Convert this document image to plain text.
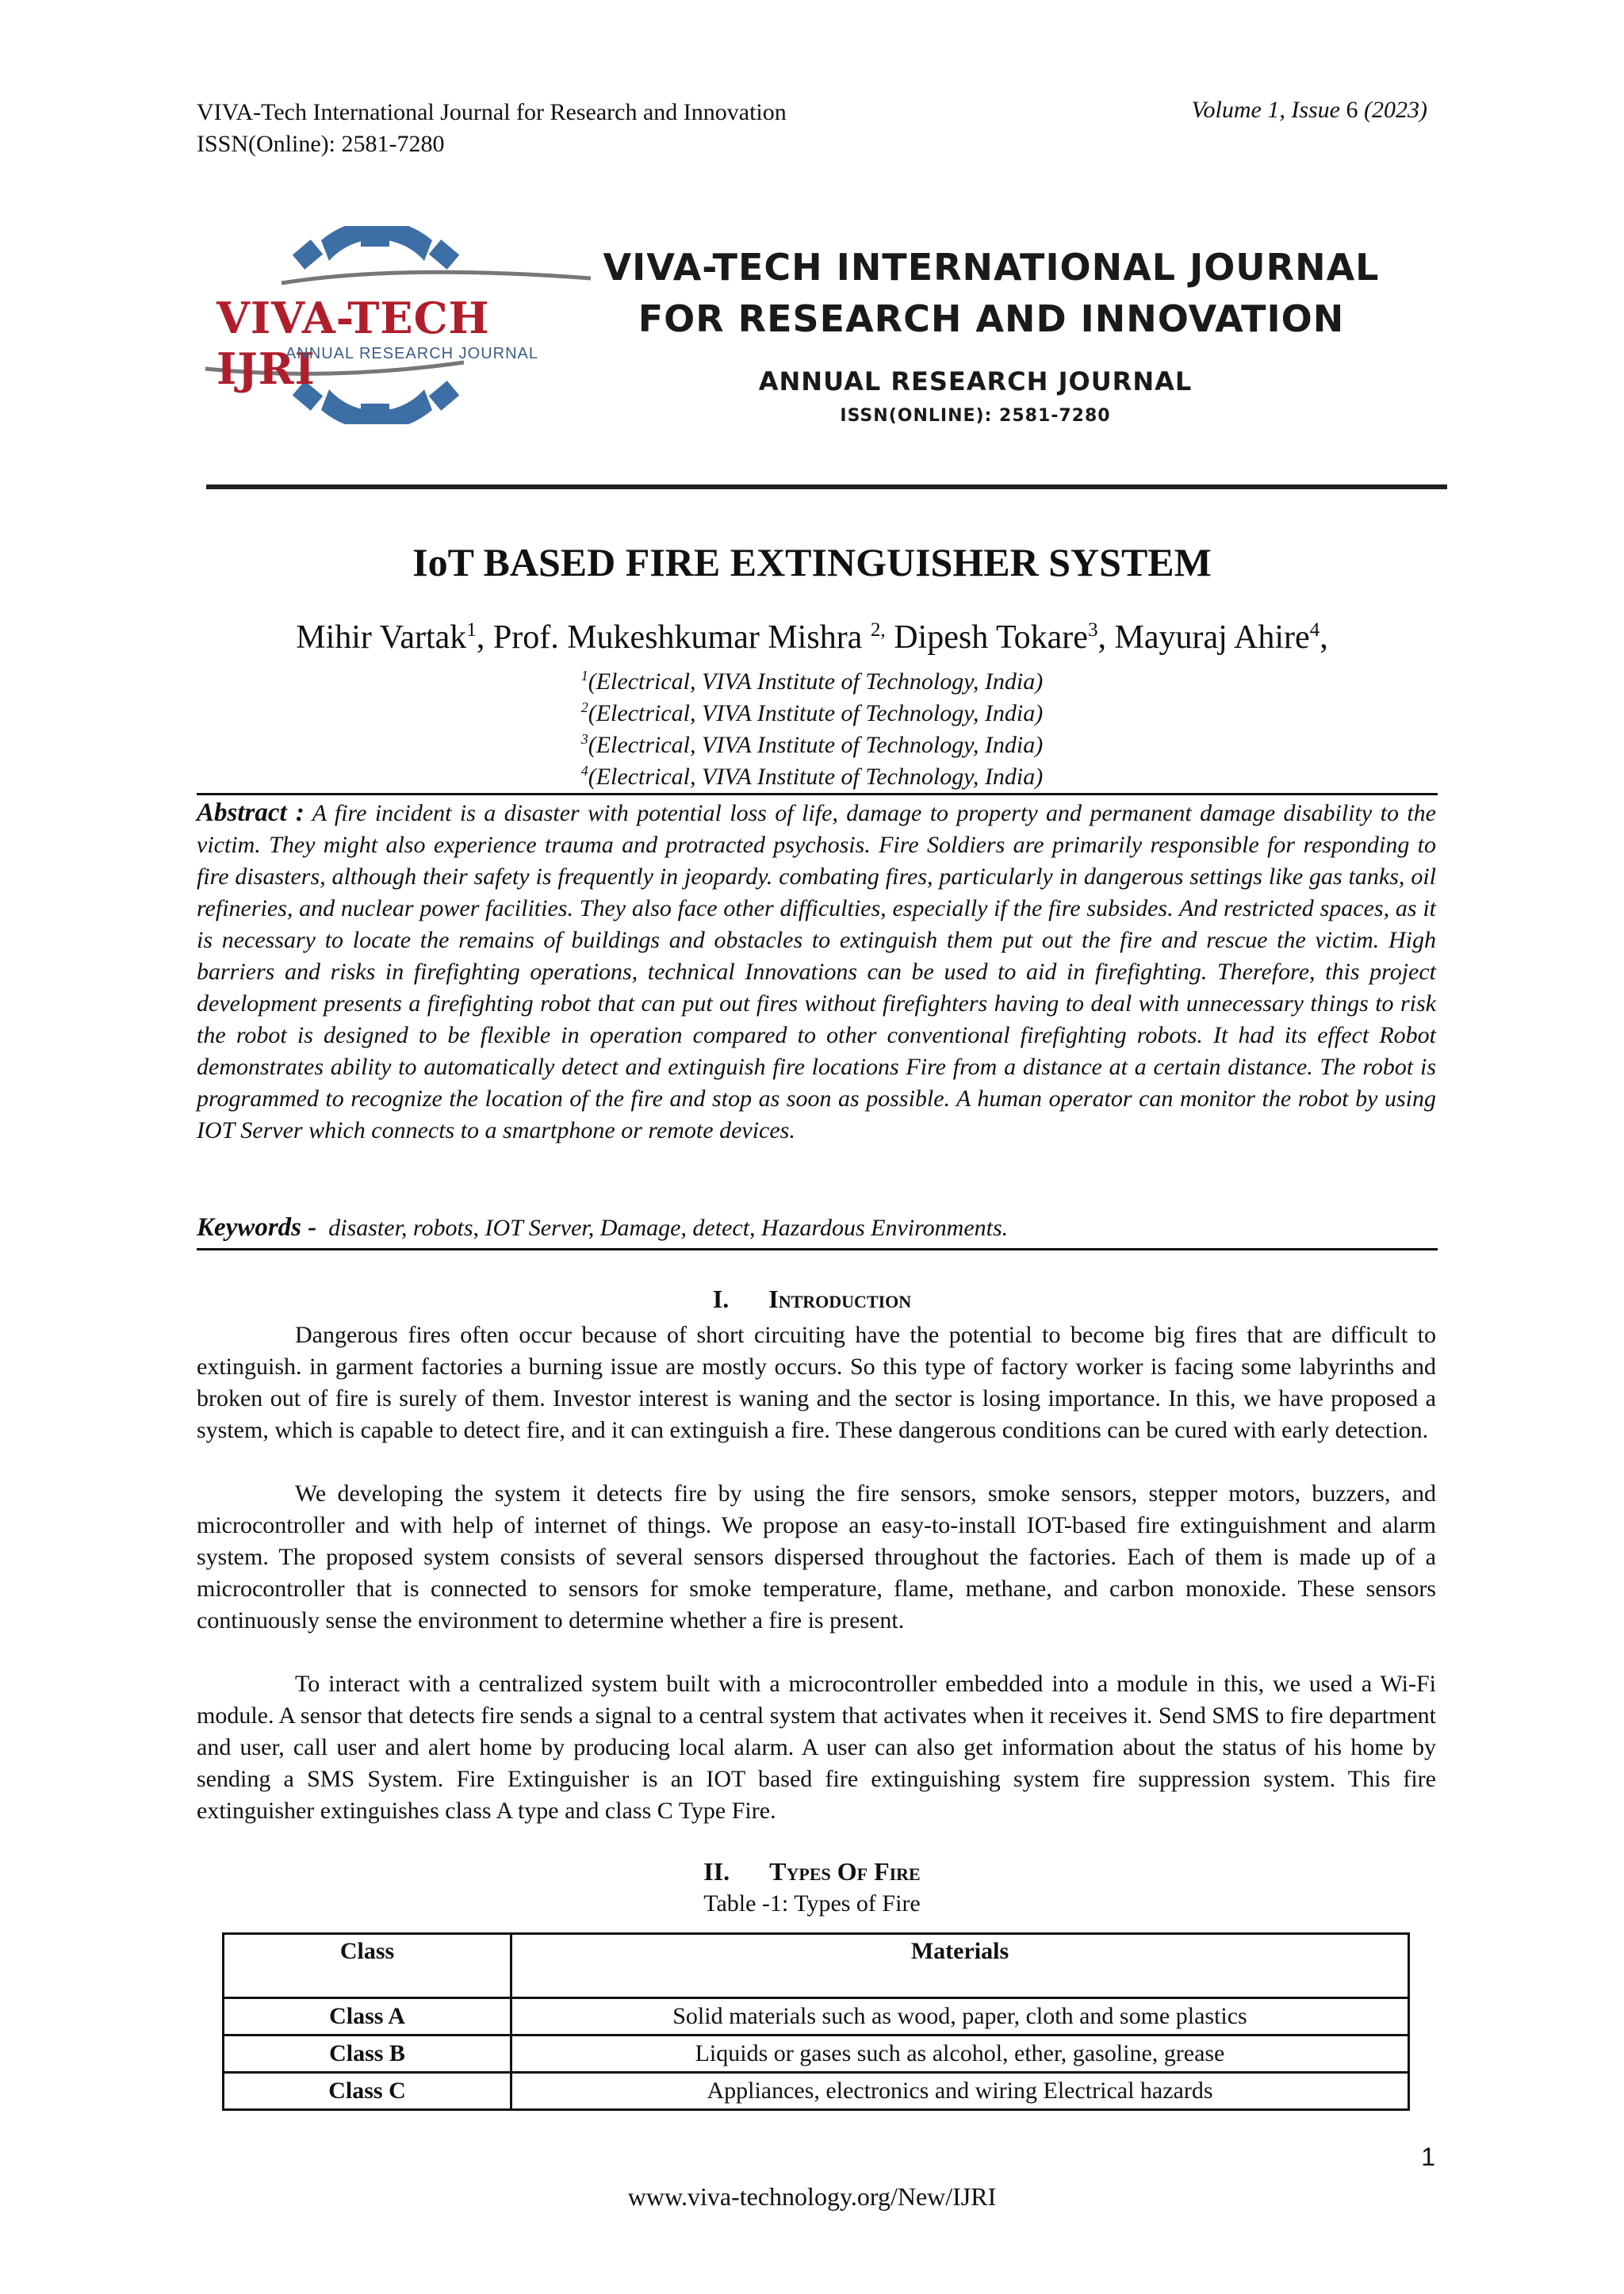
VIVA-Tech International Journal for Research and Innovation
ISSN(Online): 2581-7280
Volume 1, Issue 6 (2023)
VIVA-TECH IJRI
ANNUAL RESEARCH JOURNAL
VIVA-TECH INTERNATIONAL JOURNAL
FOR RESEARCH AND INNOVATION
ANNUAL RESEARCH JOURNAL
ISSN(ONLINE): 2581-7280
IoT BASED FIRE EXTINGUISHER SYSTEM
Mihir Vartak$^1$, Prof. Mukeshkumar Mishra $^{2,}$ Dipesh Tokare$^3$, Mayuraj Ahire$^4$,
$^1$(Electrical, VIVA Institute of Technology, India)
$^2$(Electrical, VIVA Institute of Technology, India)
$^3$(Electrical, VIVA Institute of Technology, India)
$^4$(Electrical, VIVA Institute of Technology, India)

Abstract : A fire incident is a disaster with potential loss of life, damage to property and permanent damage disability to the victim. They might also experience trauma and protracted psychosis. Fire Soldiers are primarily responsible for responding to fire disasters, although their safety is frequently in jeopardy. combating fires, particularly in dangerous settings like gas tanks, oil refineries, and nuclear power facilities. They also face other difficulties, especially if the fire subsides. And restricted spaces, as it is necessary to locate the remains of buildings and obstacles to extinguish them put out the fire and rescue the victim. High barriers and risks in firefighting operations, technical Innovations can be used to aid in firefighting. Therefore, this project development presents a firefighting robot that can put out fires without firefighters having to deal with unnecessary things to risk the robot is designed to be flexible in operation compared to other conventional firefighting robots. It had its effect Robot demonstrates ability to automatically detect and extinguish fire locations Fire from a distance at a certain distance. The robot is programmed to recognize the location of the fire and stop as soon as possible. A human operator can monitor the robot by using IOT Server which connects to a smartphone or remote devices.

Keywords - disaster, robots, IOT Server, Damage, detect, Hazardous Environments.

I. Introduction

Dangerous fires often occur because of short circuiting have the potential to become big fires that are difficult to extinguish. in garment factories a burning issue are mostly occurs. So this type of factory worker is facing some labyrinths and broken out of fire is surely of them. Investor interest is waning and the sector is losing importance. In this, we have proposed a system, which is capable to detect fire, and it can extinguish a fire. These dangerous conditions can be cured with early detection.

We developing the system it detects fire by using the fire sensors, smoke sensors, stepper motors, buzzers, and microcontroller and with help of internet of things. We propose an easy-to-install IOT-based fire extinguishment and alarm system. The proposed system consists of several sensors dispersed throughout the factories. Each of them is made up of a microcontroller that is connected to sensors for smoke temperature, flame, methane, and carbon monoxide. These sensors continuously sense the environment to determine whether a fire is present.

To interact with a centralized system built with a microcontroller embedded into a module in this, we used a Wi-Fi module. A sensor that detects fire sends a signal to a central system that activates when it receives it. Send SMS to fire department and user, call user and alert home by producing local alarm. A user can also get information about the status of his home by sending a SMS System. Fire Extinguisher is an IOT based fire extinguishing system fire suppression system. This fire extinguisher extinguishes class A type and class C Type Fire.

II. Types Of Fire
Table -1: Types of Fire
Class	Materials
Class A	Solid materials such as wood, paper, cloth and some plastics
Class B	Liquids or gases such as alcohol, ether, gasoline, grease
Class C	Appliances, electronics and wiring Electrical hazards
1
www.viva-technology.org/New/IJRI
